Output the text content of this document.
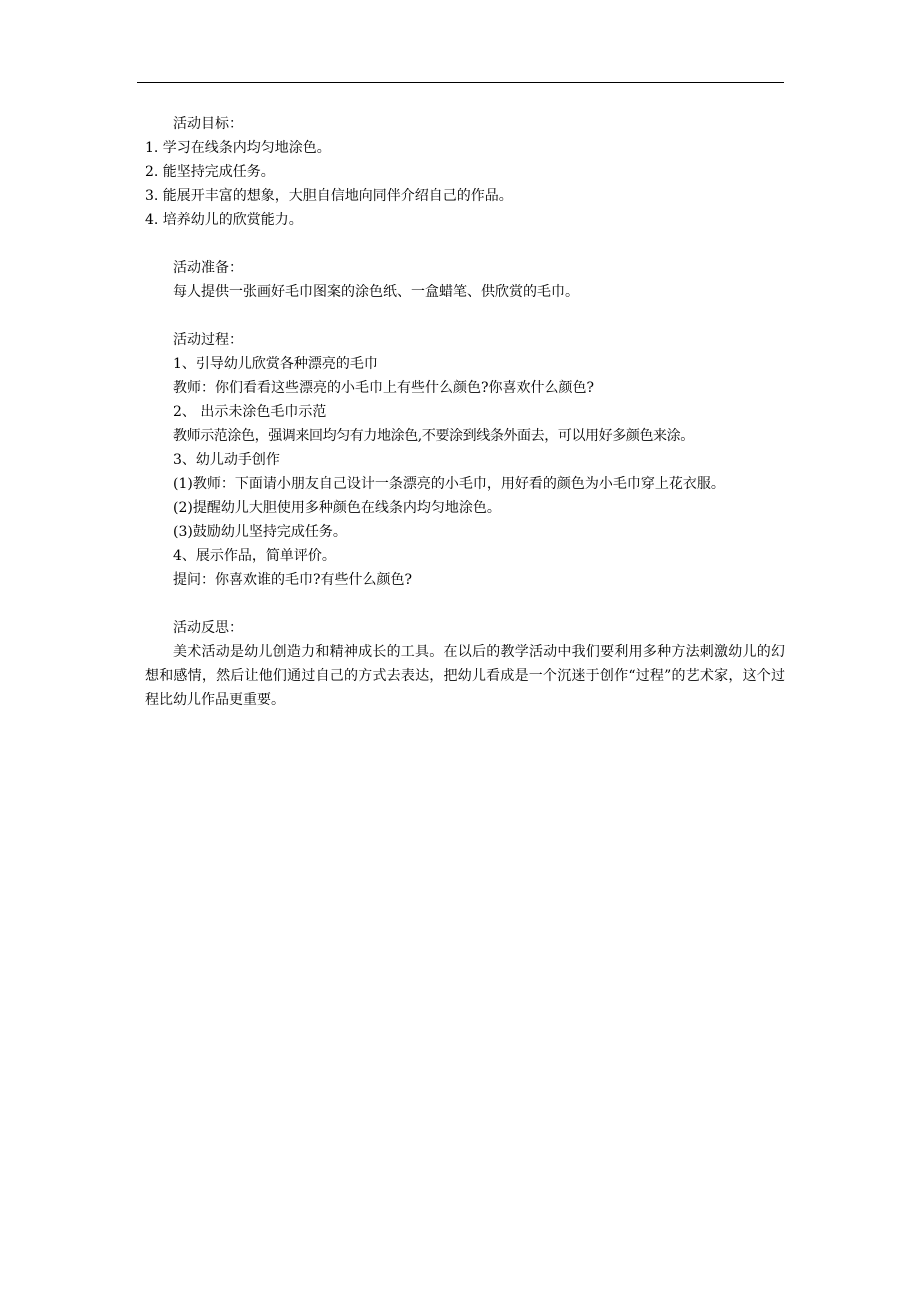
活动目标：
1. 学习在线条内均匀地涂色。
2. 能坚持完成任务。
3. 能展开丰富的想象，大胆自信地向同伴介绍自己的作品。
4. 培养幼儿的欣赏能力。
活动准备：
每人提供一张画好毛巾图案的涂色纸、一盒蜡笔、供欣赏的毛巾。
活动过程：
1、引导幼儿欣赏各种漂亮的毛巾
教师：你们看看这些漂亮的小毛巾上有些什么颜色?你喜欢什么颜色?
2、 出示未涂色毛巾示范
教师示范涂色，强调来回均匀有力地涂色,不要涂到线条外面去，可以用好多颜色来涂。
3、幼儿动手创作
(1)教师：下面请小朋友自己设计一条漂亮的小毛巾，用好看的颜色为小毛巾穿上花衣服。
(2)提醒幼儿大胆使用多种颜色在线条内均匀地涂色。
(3)鼓励幼儿坚持完成任务。
4、展示作品，简单评价。
提问：你喜欢谁的毛巾?有些什么颜色?
活动反思：
美术活动是幼儿创造力和精神成长的工具。在以后的教学活动中我们要利用多种方法刺激幼儿的幻想和感情，然后让他们通过自己的方式去表达，把幼儿看成是一个沉迷于创作“过程”的艺术家，这个过程比幼儿作品更重要。
